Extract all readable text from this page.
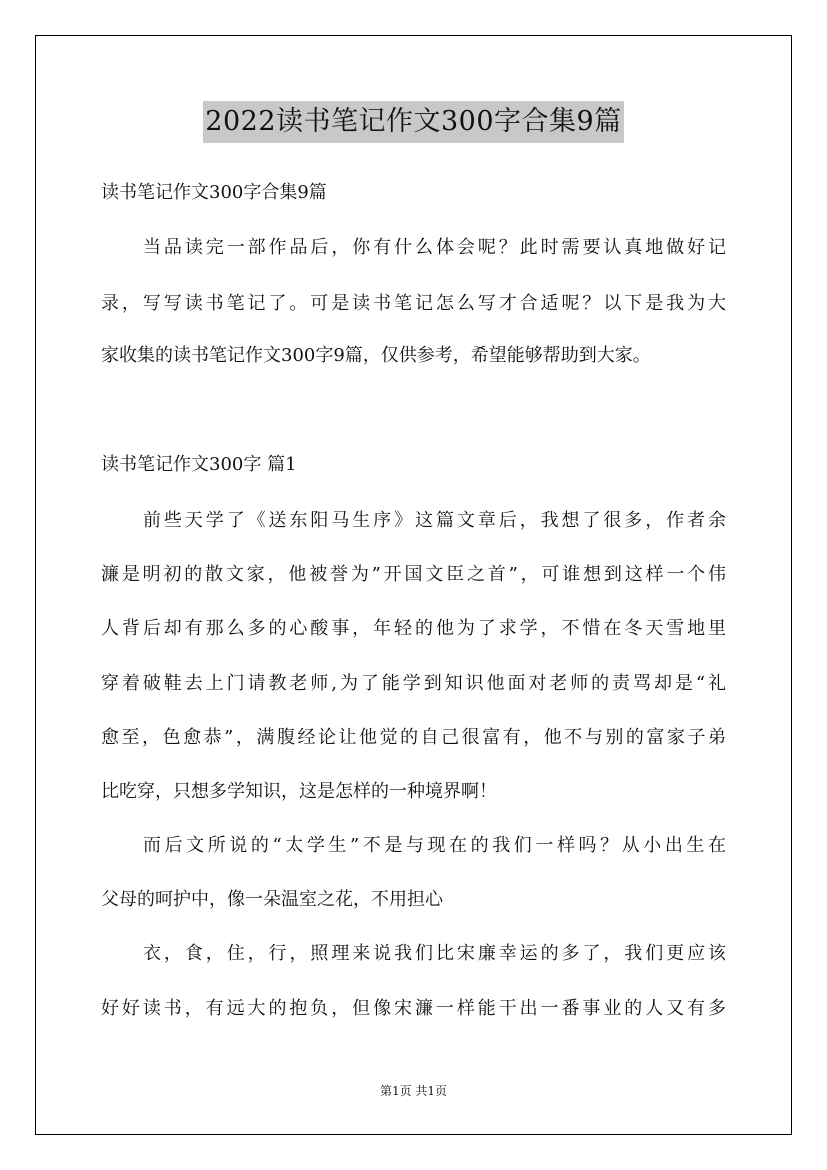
2022读书笔记作文300字合集9篇
读书笔记作文300字合集9篇
当品读完一部作品后，你有什么体会呢？此时需要认真地做好记
录，写写读书笔记了。可是读书笔记怎么写才合适呢？以下是我为大
家收集的读书笔记作文300字9篇，仅供参考，希望能够帮助到大家。
读书笔记作文300字 篇1
前些天学了《送东阳马生序》这篇文章后，我想了很多，作者余
濂是明初的散文家，他被誉为”开国文臣之首”，可谁想到这样一个伟
人背后却有那么多的心酸事，年轻的他为了求学，不惜在冬天雪地里
穿着破鞋去上门请教老师,为了能学到知识他面对老师的责骂却是“礼
愈至，色愈恭”，满腹经论让他觉的自己很富有，他不与别的富家子弟
比吃穿，只想多学知识，这是怎样的一种境界啊！
而后文所说的“太学生”不是与现在的我们一样吗？从小出生在
父母的呵护中，像一朵温室之花，不用担心
衣，食，住，行，照理来说我们比宋廉幸运的多了，我们更应该
好好读书，有远大的抱负，但像宋濂一样能干出一番事业的人又有多
第1页 共1页
